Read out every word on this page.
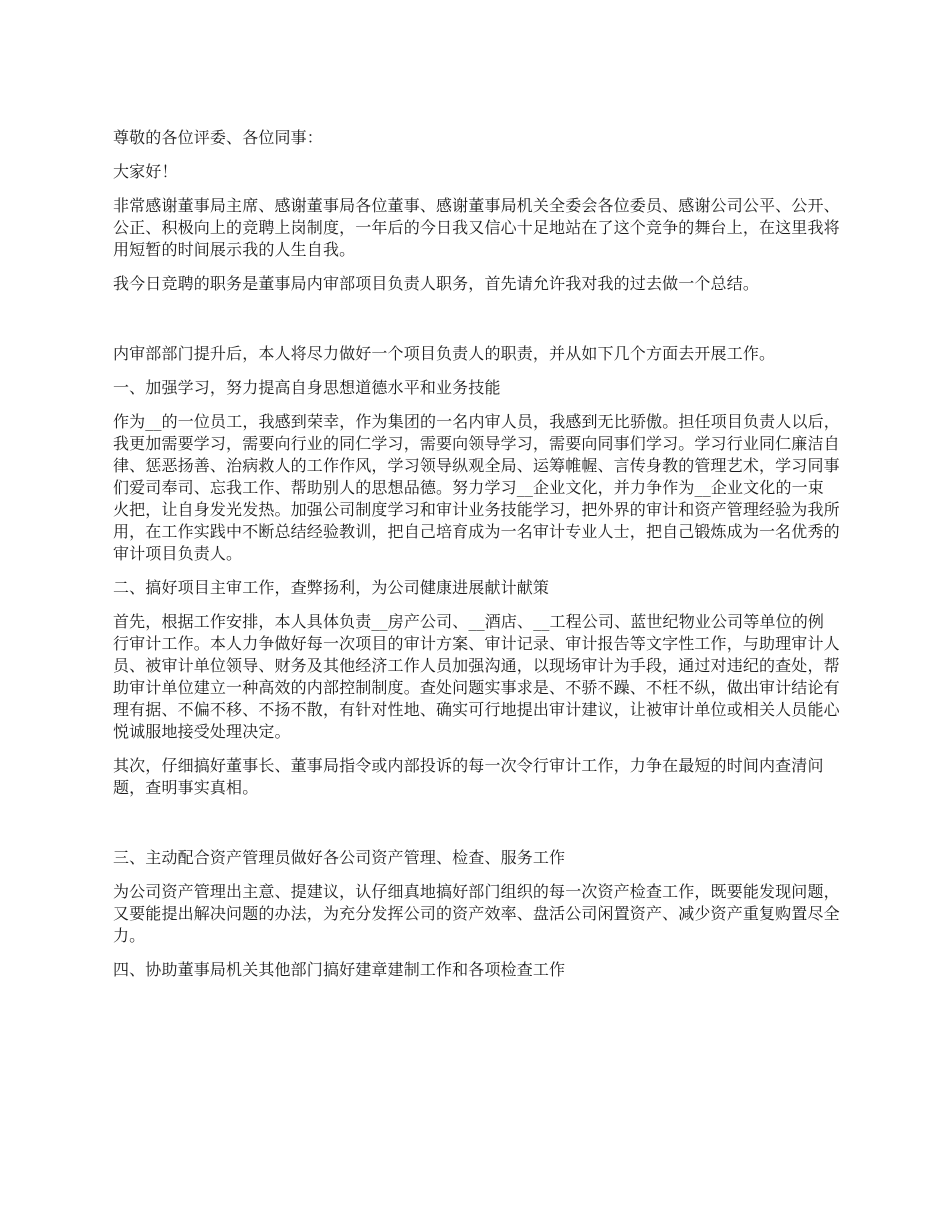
尊敬的各位评委、各位同事：

大家好！

非常感谢董事局主席、感谢董事局各位董事、感谢董事局机关全委会各位委员、感谢公司公平、公开、公正、积极向上的竞聘上岗制度，一年后的今日我又信心十足地站在了这个竞争的舞台上，在这里我将用短暂的时间展示我的人生自我。

我今日竞聘的职务是董事局内审部项目负责人职务，首先请允许我对我的过去做一个总结。

内审部部门提升后，本人将尽力做好一个项目负责人的职责，并从如下几个方面去开展工作。

一、加强学习，努力提高自身思想道德水平和业务技能

作为__的一位员工，我感到荣幸，作为集团的一名内审人员，我感到无比骄傲。担任项目负责人以后，我更加需要学习，需要向行业的同仁学习，需要向领导学习，需要向同事们学习。学习行业同仁廉洁自律、惩恶扬善、治病救人的工作作风，学习领导纵观全局、运筹帷幄、言传身教的管理艺术，学习同事们爱司奉司、忘我工作、帮助别人的思想品德。努力学习__企业文化，并力争作为__企业文化的一束火把，让自身发光发热。加强公司制度学习和审计业务技能学习，把外界的审计和资产管理经验为我所用，在工作实践中不断总结经验教训，把自己培育成为一名审计专业人士，把自己锻炼成为一名优秀的审计项目负责人。

二、搞好项目主审工作，查弊扬利，为公司健康进展献计献策

首先，根据工作安排，本人具体负责__房产公司、__酒店、__工程公司、蓝世纪物业公司等单位的例行审计工作。本人力争做好每一次项目的审计方案、审计记录、审计报告等文字性工作，与助理审计人员、被审计单位领导、财务及其他经济工作人员加强沟通，以现场审计为手段，通过对违纪的查处，帮助审计单位建立一种高效的内部控制制度。查处问题实事求是、不骄不躁、不枉不纵，做出审计结论有理有据、不偏不移、不扬不散，有针对性地、确实可行地提出审计建议，让被审计单位或相关人员能心悦诚服地接受处理决定。

其次，仔细搞好董事长、董事局指令或内部投诉的每一次令行审计工作，力争在最短的时间内查清问题，查明事实真相。

三、主动配合资产管理员做好各公司资产管理、检查、服务工作

为公司资产管理出主意、提建议，认仔细真地搞好部门组织的每一次资产检查工作，既要能发现问题，又要能提出解决问题的办法，为充分发挥公司的资产效率、盘活公司闲置资产、减少资产重复购置尽全力。

四、协助董事局机关其他部门搞好建章建制工作和各项检查工作
